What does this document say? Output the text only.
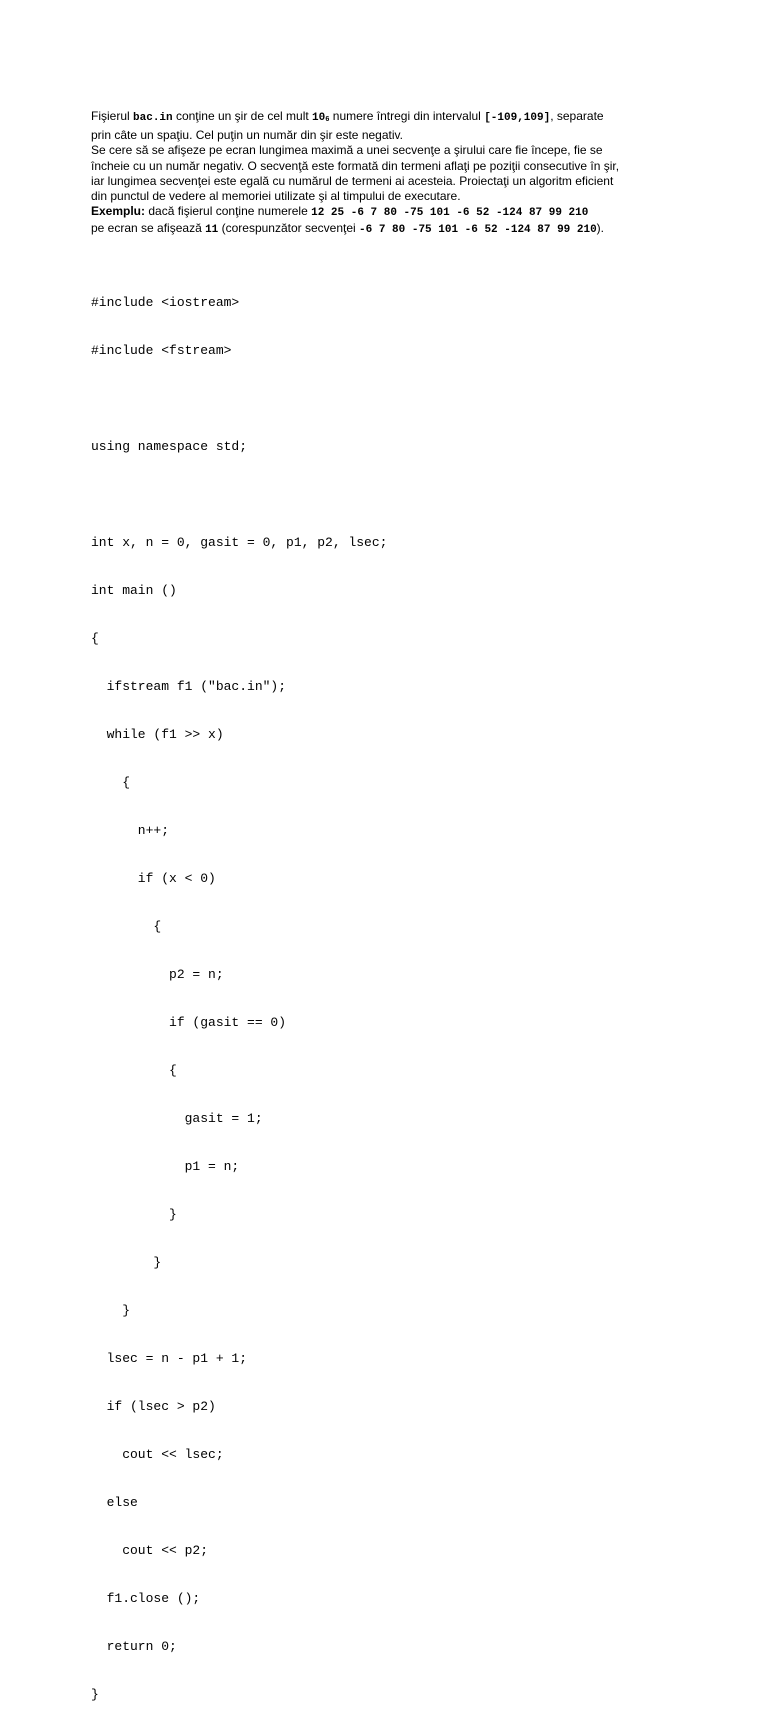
Fişierul bac.in conţine un şir de cel mult $10_6$ numere întregi din intervalul [-109,109], separate
prin câte un spaţiu. Cel puţin un număr din şir este negativ.
Se cere să se afişeze pe ecran lungimea maximă a unei secvenţe a şirului care fie începe, fie se
încheie cu un număr negativ. O secvenţă este formată din termeni aflaţi pe poziţii consecutive în şir,
iar lungimea secvenţei este egală cu numărul de termeni ai acesteia. Proiectaţi un algoritm eficient
din punctul de vedere al memoriei utilizate şi al timpului de executare.
Exemplu: dacă fişierul conţine numerele 12 25 -6 7 80 -75 101 -6 52 -124 87 99 210
pe ecran se afişează 11 (corespunzător secvenţei -6 7 80 -75 101 -6 52 -124 87 99 210).

#include <iostream>

#include <fstream>

using namespace std;

int x, n = 0, gasit = 0, p1, p2, lsec;

int main ()

{

ifstream f1 ("bac.in");

while (f1 >> x)

{

n++;

if (x < 0)

{

p2 = n;

if (gasit == 0)

{

gasit = 1;

p1 = n;

}

}

}

lsec = n - p1 + 1;

if (lsec > p2)

cout << lsec;

else

cout << p2;

f1.close ();

return 0;

}
